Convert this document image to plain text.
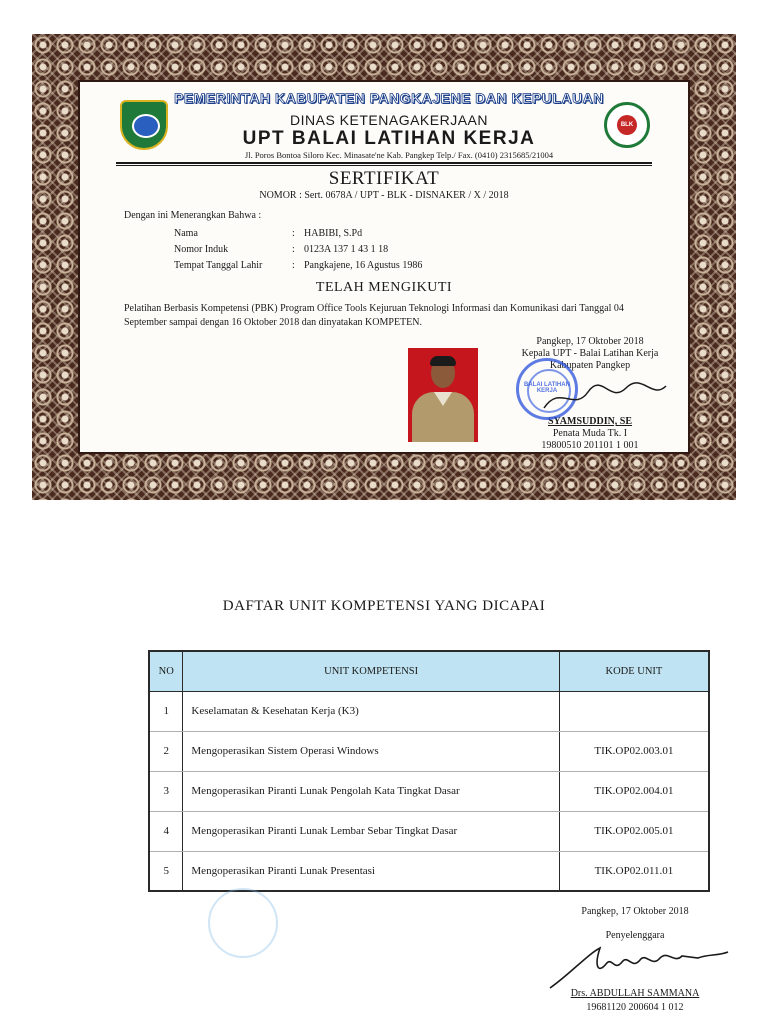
BLK
PEMERINTAH KABUPATEN PANGKAJENE DAN KEPULAUAN
DINAS KETENAGAKERJAAN
UPT BALAI LATIHAN KERJA
Jl. Poros Bontoa Siloro Kec. Minasate'ne Kab. Pangkep Telp./ Fax. (0410) 2315685/21004
SERTIFIKAT
NOMOR : Sert. 0678A / UPT - BLK - DISNAKER / X / 2018
Dengan ini Menerangkan Bahwa :
Nama	: HABIBI, S.Pd
Nomor Induk	: 0123A 137 1 43 1 18
Tempat Tanggal Lahir	: Pangkajene, 16 Agustus 1986
TELAH MENGIKUTI
Pelatihan Berbasis Kompetensi (PBK) Program Office Tools Kejuruan Teknologi Informasi dan Komunikasi dari Tanggal 04 September sampai dengan 16 Oktober 2018 dan dinyatakan KOMPETEN.
Pangkep, 17 Oktober 2018
Kepala UPT - Balai Latihan Kerja
Kabupaten Pangkep
SYAMSUDDIN, SE
Penata Muda Tk. I
19800510 201101 1 001
BALAI LATIHAN KERJA
DAFTAR UNIT KOMPETENSI YANG DICAPAI
NO	UNIT KOMPETENSI	KODE UNIT
1	Keselamatan & Kesehatan Kerja (K3)	
2	Mengoperasikan Sistem Operasi Windows	TIK.OP02.003.01
3	Mengoperasikan Piranti Lunak Pengolah Kata Tingkat Dasar	TIK.OP02.004.01
4	Mengoperasikan Piranti Lunak Lembar Sebar Tingkat Dasar	TIK.OP02.005.01
5	Mengoperasikan Piranti Lunak Presentasi	TIK.OP02.011.01
Pangkep, 17 Oktober 2018
Penyelenggara
Drs. ABDULLAH SAMMANA
19681120 200604 1 012
